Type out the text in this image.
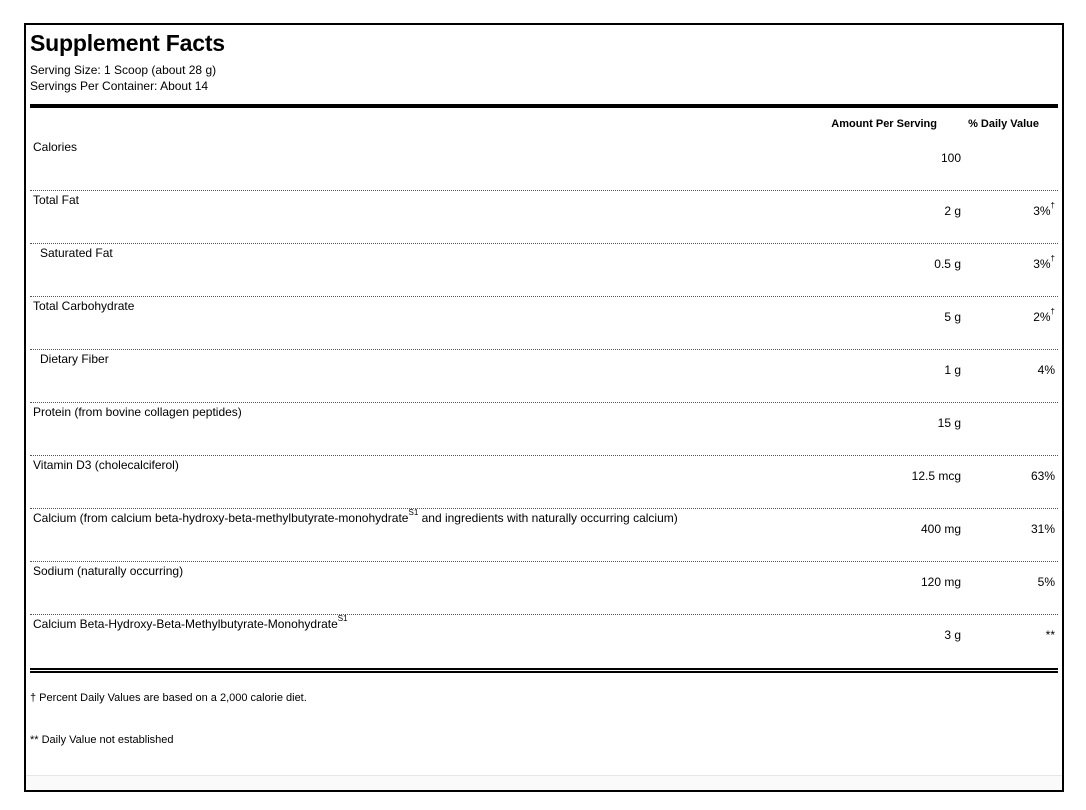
Supplement Facts
Serving Size: 1 Scoop (about 28 g)
Servings Per Container: About 14
Amount Per Serving	% Daily Value
Calories
100
Total Fat
2 g	3%†
Saturated Fat
0.5 g	3%†
Total Carbohydrate
5 g	2%†
Dietary Fiber
1 g	4%
Protein (from bovine collagen peptides)
15 g
Vitamin D3 (cholecalciferol)
12.5 mcg	63%
Calcium (from calcium beta-hydroxy-beta-methylbutyrate-monohydrate$^{S1}$ and ingredients with naturally occurring calcium)
400 mg	31%
Sodium (naturally occurring)
120 mg	5%
Calcium Beta-Hydroxy-Beta-Methylbutyrate-Monohydrate$^{S1}$
3 g	**
† Percent Daily Values are based on a 2,000 calorie diet.
** Daily Value not established
